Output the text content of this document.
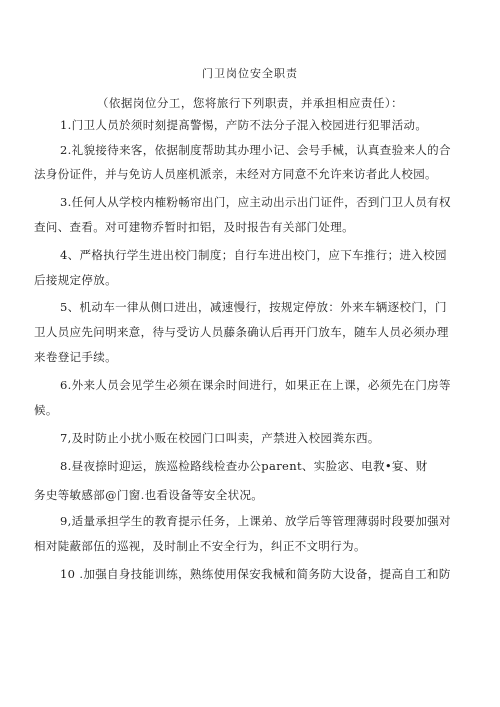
门卫岗位安全职责
（依据岗位分工，您将旅行下列职责，并承担相应责任）：
1.门卫人员於须时刻提髙警惕，产防不法分子混入校园进行犯罪活动。
2.礼貌接待来客，依据制度帮助其办理小记、会号手械，认真查验来人的合
法身份证件，并与免访人员座机派亲，未经对方同意不允许来访者此人校园。
3.任何人从学校内榷粉畅帘出门，应主动出示出门证件，否到门卫人员有权
查问、查看。对可建物乔暂时扣铝，及时报告有关部门处理。
4、严格执行学生进出校门制度；自行车进出校门，应下车推行；进入校园
后接规定停放。
5、机动车一律从侧口进出，减速慢行，按规定停放：外来车辆逐校门，门
卫人员应先问明来意，待与受访人员藤条确认后再开门放车，随车人员必须办理
来卷登记手续。
6.外来人员会见学生必须在课余时间进行，如果正在上课，必须先在门房等
候。
7,及时防止小扰小贩在校园门口叫卖，产禁进入校园粪东西。
8.昼夜捺时迎运，族巡检路线检查办公parent、实脸宓、电教•宴、财
务史等敏感部@门窗.也看设备等安全状况。
9,适量承担学生的教育提示任务，上课弟、放学后等管理薄弱时段要加强对
相对陡蔽部伍的巡视，及时制止不安全行为，纠正不文明行为。
10 .加强自身技能训练，熟练使用保安我械和简务防大设备，提高自工和防
